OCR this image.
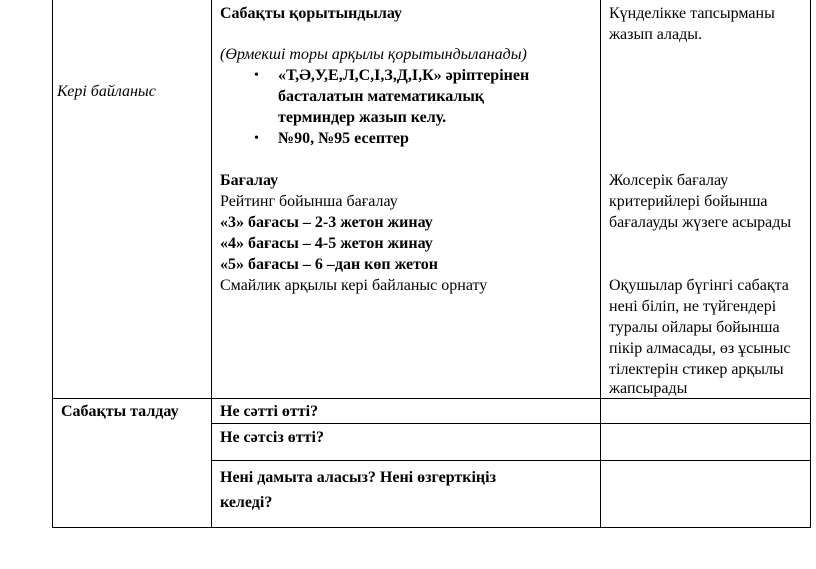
Кері байланыс
Сабақты қорытындылау
(Өрмекші торы арқылы қорытындыланады)
• «Т,Ә,У,Е,Л,С,І,З,Д,І,К» әріптерінен
басталатын математикалық
терминдер жазып келу.
• №90, №95 есептер
Бағалау
Рейтинг бойынша бағалау
«3» бағасы – 2-3 жетон жинау
«4» бағасы – 4-5 жетон жинау
«5» бағасы – 6 –дан көп жетон
Смайлик арқылы кері байланыс орнату
Күнделікке тапсырманы
жазып алады.
Жолсерік бағалау
критерийлері бойынша
бағалауды жүзеге асырады
Оқушылар бүгінгі сабақта
нені біліп, не түйгендері
туралы ойлары бойынша
пікір алмасады, өз ұсыныс
тілектерін стикер арқылы
жапсырады
Сабақты талдау	Не сәтті өтті?
Не сәтсіз өтті?
Нені дамыта аласыз? Нені өзгерткіңіз
келеді?
